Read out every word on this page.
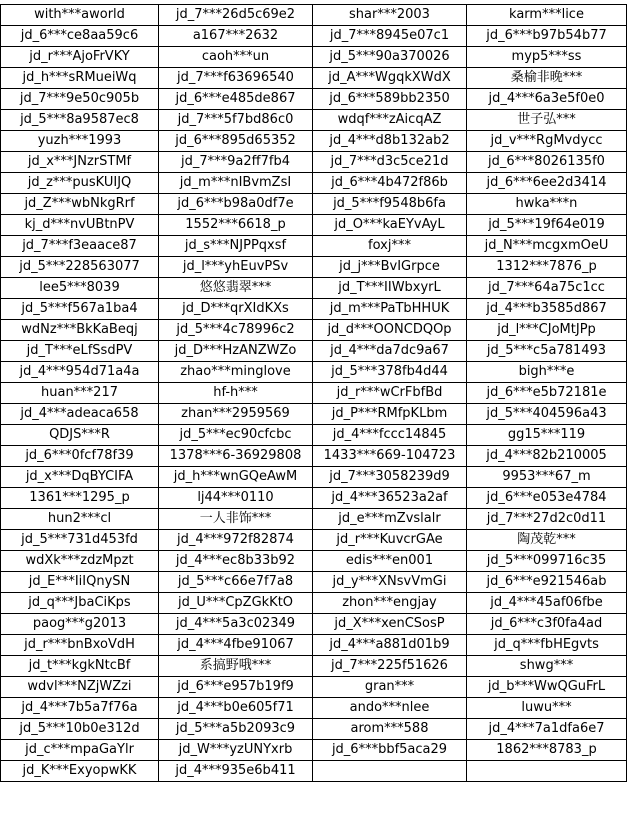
with***aworld	jd_7***26d5c69e2	shar***2003	karm***lice
jd_6***ce8aa59c6	a167***2632	jd_7***8945e07c1	jd_6***b97b54b77
jd_r***AjoFrVKY	caoh***un	jd_5***90a370026	myp5***ss
jd_h***sRMueiWq	jd_7***f63696540	jd_A***WgqkXWdX	桑榆非晚***
jd_7***9e50c905b	jd_6***e485de867	jd_6***589bb2350	jd_4***6a3e5f0e0
jd_5***8a9587ec8	jd_7***5f7bd86c0	wdqf***zAicqAZ	世子弘***
yuzh***1993	jd_6***895d65352	jd_4***d8b132ab2	jd_v***RgMvdycc
jd_x***JNzrSTMf	jd_7***9a2ff7fb4	jd_7***d3c5ce21d	jd_6***8026135f0
jd_z***pusKUIJQ	jd_m***nIBvmZsI	jd_6***4b472f86b	jd_6***6ee2d3414
jd_Z***wbNkgRrf	jd_6***b98a0df7e	jd_5***f9548b6fa	hwka***n
kj_d***nvUBtnPV	1552***6618_p	jd_O***kaEYvAyL	jd_5***19f64e019
jd_7***f3eaace87	jd_s***NJPPqxsf	foxj***	jd_N***mcgxmOeU
jd_5***228563077	jd_l***yhEuvPSv	jd_j***BvIGrpce	1312***7876_p
lee5***8039	悠悠翡翠***	jd_T***IIWbxyrL	jd_7***64a75c1cc
jd_5***f567a1ba4	jd_D***qrXIdKXs	jd_m***PaTbHHUK	jd_4***b3585d867
wdNz***BkKaBeqj	jd_5***4c78996c2	jd_d***OONCDQOp	jd_l***CJoMtJPp
jd_T***eLfSsdPV	jd_D***HzANZWZo	jd_4***da7dc9a67	jd_5***c5a781493
jd_4***954d71a4a	zhao***minglove	jd_5***378fb4d44	bigh***e
huan***217	hf-h***	jd_r***wCrFbfBd	jd_6***e5b72181e
jd_4***adeaca658	zhan***2959569	jd_P***RMfpKLbm	jd_5***404596a43
QDJS***R	jd_5***ec90cfcbc	jd_4***fccc14845	gg15***119
jd_6***0fcf78f39	1378***6-36929808	1433***669-104723	jd_4***82b210005
jd_x***DqBYCIFA	jd_h***wnGQeAwM	jd_7***3058239d9	9953***67_m
1361***1295_p	lj44***0110	jd_4***36523a2af	jd_6***e053e4784
hun2***cl	一人非饰***	jd_e***mZvslalr	jd_7***27d2c0d11
jd_5***731d453fd	jd_4***972f82874	jd_r***KuvcrGAe	陶茂乾***
wdXk***zdzMpzt	jd_4***ec8b33b92	edis***en001	jd_5***099716c35
jd_E***IiIQnySN	jd_5***c66e7f7a8	jd_y***XNsvVmGi	jd_6***e921546ab
jd_q***JbaCiKps	jd_U***CpZGkKtO	zhon***engjay	jd_4***45af06fbe
paog***g2013	jd_4***5a3c02349	jd_X***xenCSosP	jd_6***c3f0fa4ad
jd_r***bnBxoVdH	jd_4***4fbe91067	jd_4***a881d01b9	jd_q***fbHEgvts
jd_t***kgkNtcBf	系搞野哦***	jd_7***225f51626	shwg***
wdvl***NZjWZzi	jd_6***e957b19f9	gran***	jd_b***WwQGuFrL
jd_4***7b5a7f76a	jd_4***b0e605f71	ando***nlee	luwu***
jd_5***10b0e312d	jd_5***a5b2093c9	arom***588	jd_4***7a1dfa6e7
jd_c***mpaGaYlr	jd_W***yzUNYxrb	jd_6***bbf5aca29	1862***8783_p
jd_K***ExyopwKK	jd_4***935e6b411		
